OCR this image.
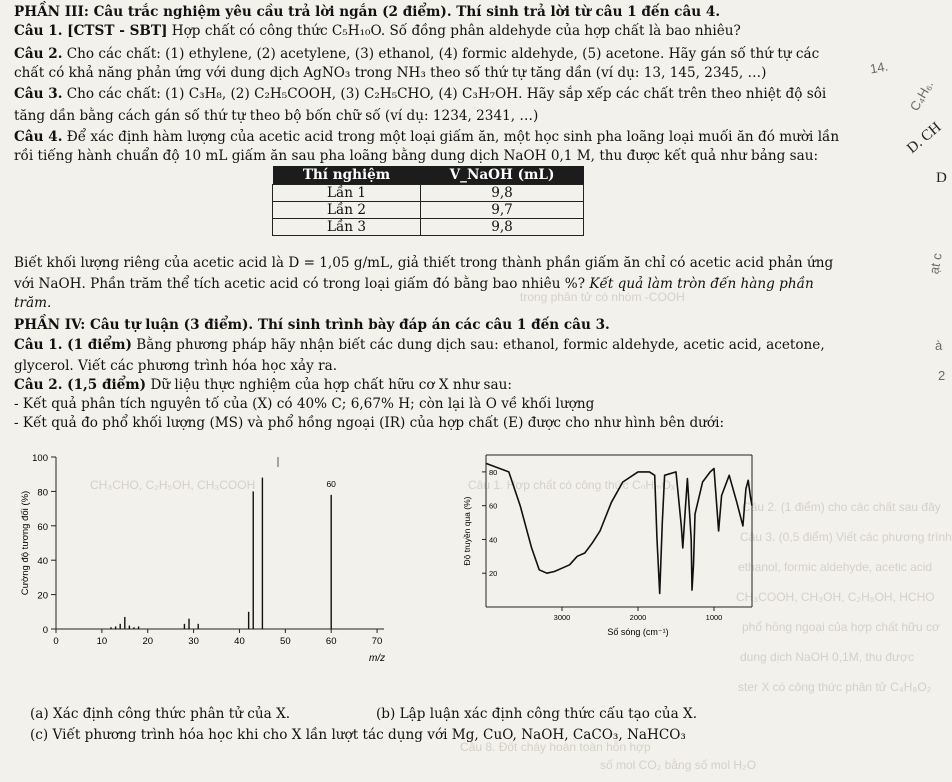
Câu 1. Hợp chất có công thức CₙHₘOₓ
Câu 2. (1 điểm) cho các chất sau đây
Câu 3. (0,5 điểm) Viết các phương trình
ethanol, formic aldehyde, acetic acid
CH₃COOH, CH₃OH, C₂H₅OH, HCHO
phổ hồng ngoại của hợp chất hữu cơ
dung dịch NaOH 0,1M, thu được
ster X có công thức phân tử C₄H₈O₂
CH₃CHO, C₂H₅OH, CH₃COOH
Câu 8. Đốt cháy hoàn toàn hỗn hợp
số mol CO₂ bằng số mol H₂O
trong phân tử có nhóm -COOH
PHẦN III: Câu trắc nghiệm yêu cầu trả lời ngắn (2 điểm). Thí sinh trả lời từ câu 1 đến câu 4.
Câu 1. [CTST - SBT] Hợp chất có công thức C₅H₁₀O. Số đồng phân aldehyde của hợp chất là bao nhiêu?
Câu 2. Cho các chất: (1) ethylene, (2) acetylene, (3) ethanol, (4) formic aldehyde, (5) acetone. Hãy gán số thứ tự các
chất có khả năng phản ứng với dung dịch AgNO₃ trong NH₃ theo số thứ tự tăng dần (ví dụ: 13, 145, 2345, …)
Câu 3. Cho các chất: (1) C₃H₈, (2) C₂H₅COOH, (3) C₂H₅CHO, (4) C₃H₇OH. Hãy sắp xếp các chất trên theo nhiệt độ sôi
tăng dần bằng cách gán số thứ tự theo bộ bốn chữ số (ví dụ: 1234, 2341, …)
Câu 4. Để xác định hàm lượng của acetic acid trong một loại giấm ăn, một học sinh pha loãng loại muối ăn đó mười lần
rồi tiếng hành chuẩn độ 10 mL giấm ăn sau pha loãng bằng dung dịch NaOH 0,1 M, thu được kết quả như bảng sau:
Thí nghiệm	V_NaOH (mL)
Lần 1	9,8
Lần 2	9,7
Lần 3	9,8
Biết khối lượng riêng của acetic acid là D = 1,05 g/mL, giả thiết trong thành phần giấm ăn chỉ có acetic acid phản ứng
với NaOH. Phần trăm thể tích acetic acid có trong loại giấm đó bằng bao nhiêu %? Kết quả làm tròn đến hàng phần
trăm.
PHẦN IV: Câu tự luận (3 điểm). Thí sinh trình bày đáp án các câu 1 đến câu 3.
Câu 1. (1 điểm) Bằng phương pháp hãy nhận biết các dung dịch sau: ethanol, formic aldehyde, acetic acid, acetone,
glycerol. Viết các phương trình hóa học xảy ra.
Câu 2. (1,5 điểm) Dữ liệu thực nghiệm của hợp chất hữu cơ X như sau:
- Kết quả phân tích nguyên tố của (X) có 40% C; 6,67% H; còn lại là O về khối lượng
- Kết quả đo phổ khối lượng (MS) và phổ hồng ngoại (IR) của hợp chất (E) được cho như hình bên dưới:
0
20
40
60
80
100
0	10	20	30	40	50	60	70
60
m/z
Cường độ tương đối (%)	20
40
60
80
3000	2000	1000
Số sóng (cm⁻¹)
Độ truyền qua (%)
(a) Xác định công thức phân tử của X.	(b) Lập luận xác định công thức cấu tạo của X.
(c) Viết phương trình hóa học khi cho X lần lượt tác dụng với Mg, CuO, NaOH, CaCO₃, NaHCO₃
14.
C₄H₆.
D. CH
D
ạt c
à
2
